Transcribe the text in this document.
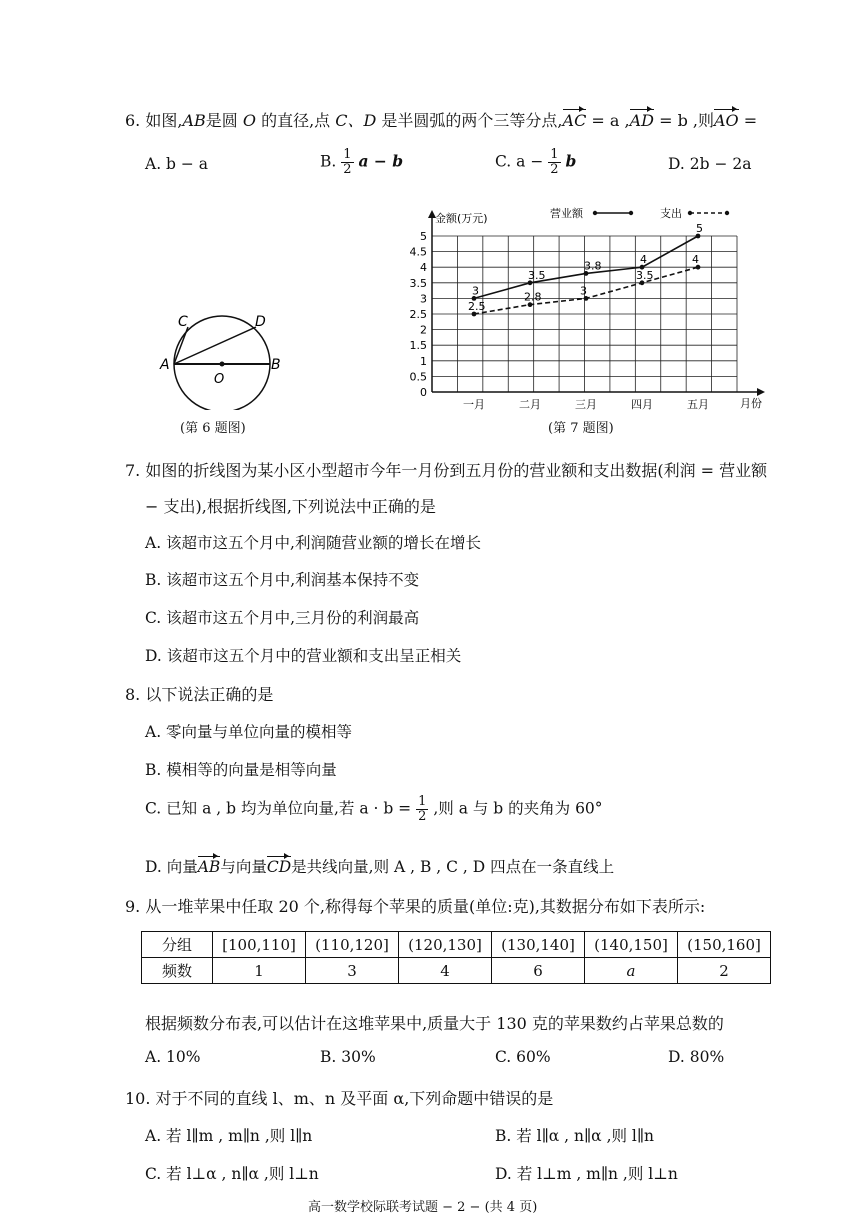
6. 如图,AB是圆 O 的直径,点 C、D 是半圆弧的两个三等分点,AC = a ,AD = b ,则AO =
A. b − a	B. $\frac{1}{2}$ a − b	C. $a - \frac{1}{2}$ b	D. 2b − 2a
C	D
A	B
O
(第 6 题图)
0
0.5
1
1.5
2
2.5
3
3.5
4
4.5
5
一月	二月	三月	四月	五月
3
3.5
3.8	4
5
2.5
2.8	3
3.5
4
金额(万元)
月份
营业额	支出
(第 7 题图)
7. 如图的折线图为某小区小型超市今年一月份到五月份的营业额和支出数据(利润 = 营业额
− 支出),根据折线图,下列说法中正确的是
A. 该超市这五个月中,利润随营业额的增长在增长
B. 该超市这五个月中,利润基本保持不变
C. 该超市这五个月中,三月份的利润最高
D. 该超市这五个月中的营业额和支出呈正相关
8. 以下说法正确的是
A. 零向量与单位向量的模相等
B. 模相等的向量是相等向量
C. 已知 a , b 均为单位向量,若 $a \cdot b = \frac{1}{2}$ ,则 a 与 b 的夹角为 60°
D. 向量AB与向量CD是共线向量,则 A , B , C , D 四点在一条直线上
9. 从一堆苹果中任取 20 个,称得每个苹果的质量(单位:克),其数据分布如下表所示:
分组	[100,110]	(110,120]	(120,130]	(130,140]	(140,150]	(150,160]
频数	1	3	4	6	a	2
根据频数分布表,可以估计在这堆苹果中,质量大于 130 克的苹果数约占苹果总数的
A. 10%	B. 30%	C. 60%	D. 80%
10. 对于不同的直线 l、m、n 及平面 α,下列命题中错误的是
A. 若 l∥m , m∥n ,则 l∥n	B. 若 l∥α , n∥α ,则 l∥n
C. 若 l⊥α , n∥α ,则 l⊥n	D. 若 l⊥m , m∥n ,则 l⊥n
高一数学校际联考试题 − 2 − (共 4 页)
